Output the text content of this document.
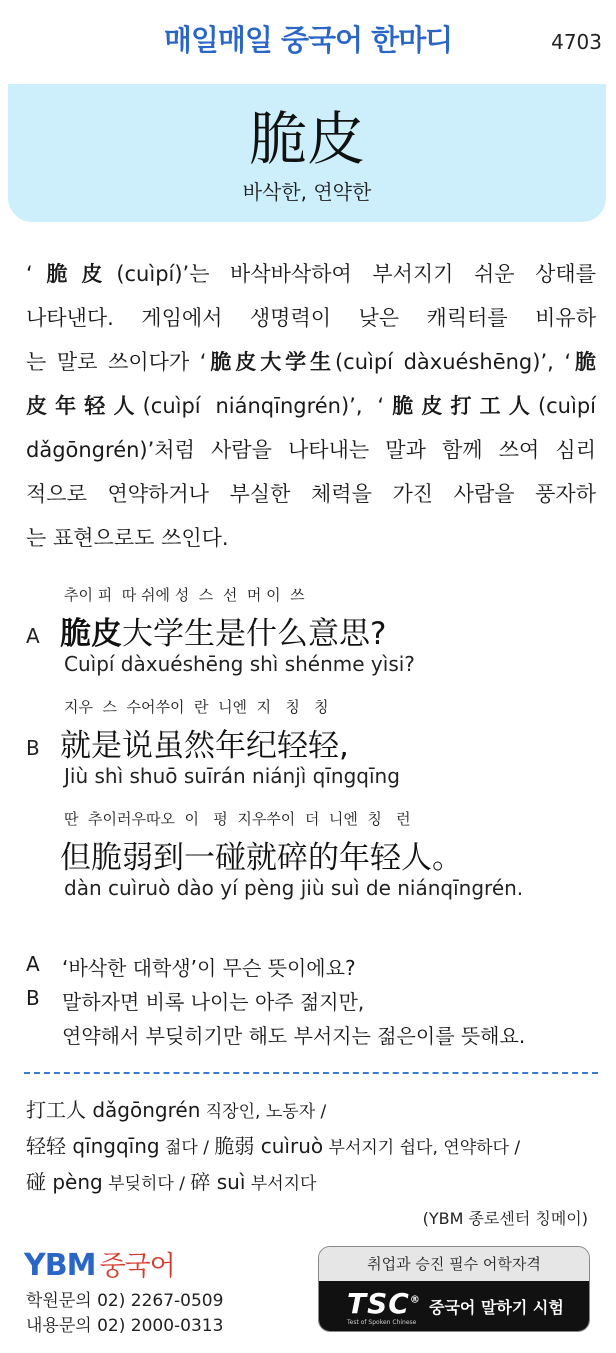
매일매일 중국어 한마디	4703
脆皮
바삭한, 연약한

‘脆皮(cuìpí)’는 바삭바삭하여 부서지기 쉬운 상태를

나타낸다. 게임에서 생명력이 낮은 캐릭터를 비유하

는 말로 쓰이다가 ‘脆皮大学生(cuìpí dàxuéshēng)’, ‘脆

皮年轻人(cuìpí niánqīngrén)’, ‘脆皮打工人(cuìpí

dǎgōngrén)’처럼 사람을 나타내는 말과 함께 쓰여 심리

적으로 연약하거나 부실한 체력을 가진 사람을 풍자하

는 표현으로도 쓰인다.

추이 피  따 쉬에 성  스  선  머 이  쓰
A 脆皮大学生是什么意思?
Cuìpí dàxuéshēng shì shénme yìsi?
지우  스  수어쑤이  란  니엔  지   칭   칭
B 就是说虽然年纪轻轻,
Jiù shì shuō suīrán niánjì qīngqīng
딴  추이러우따오  이   펑  지우쑤이  더  니엔  칭   런
但脆弱到一碰就碎的年轻人。
dàn cuìruò dào yí pèng jiù suì de niánqīngrén.
A ‘바삭한 대학생’이 무슨 뜻이에요?
B 말하자면 비록 나이는 아주 젊지만,
연약해서 부딪히기만 해도 부서지는 젊은이를 뜻해요.
打工人 dǎgōngrén 직장인, 노동자 /
轻轻 qīngqīng 젊다 / 脆弱 cuìruò 부서지기 쉽다, 연약하다 /
碰 pèng 부딪히다 / 碎 suì 부서지다
(YBM 종로센터 칭메이)
YBM 중국어
학원문의 02) 2267-0509
내용문의 02) 2000-0313
취업과 승진 필수 어학자격
TSC®
Test of Spoken Chinese
중국어 말하기 시험
